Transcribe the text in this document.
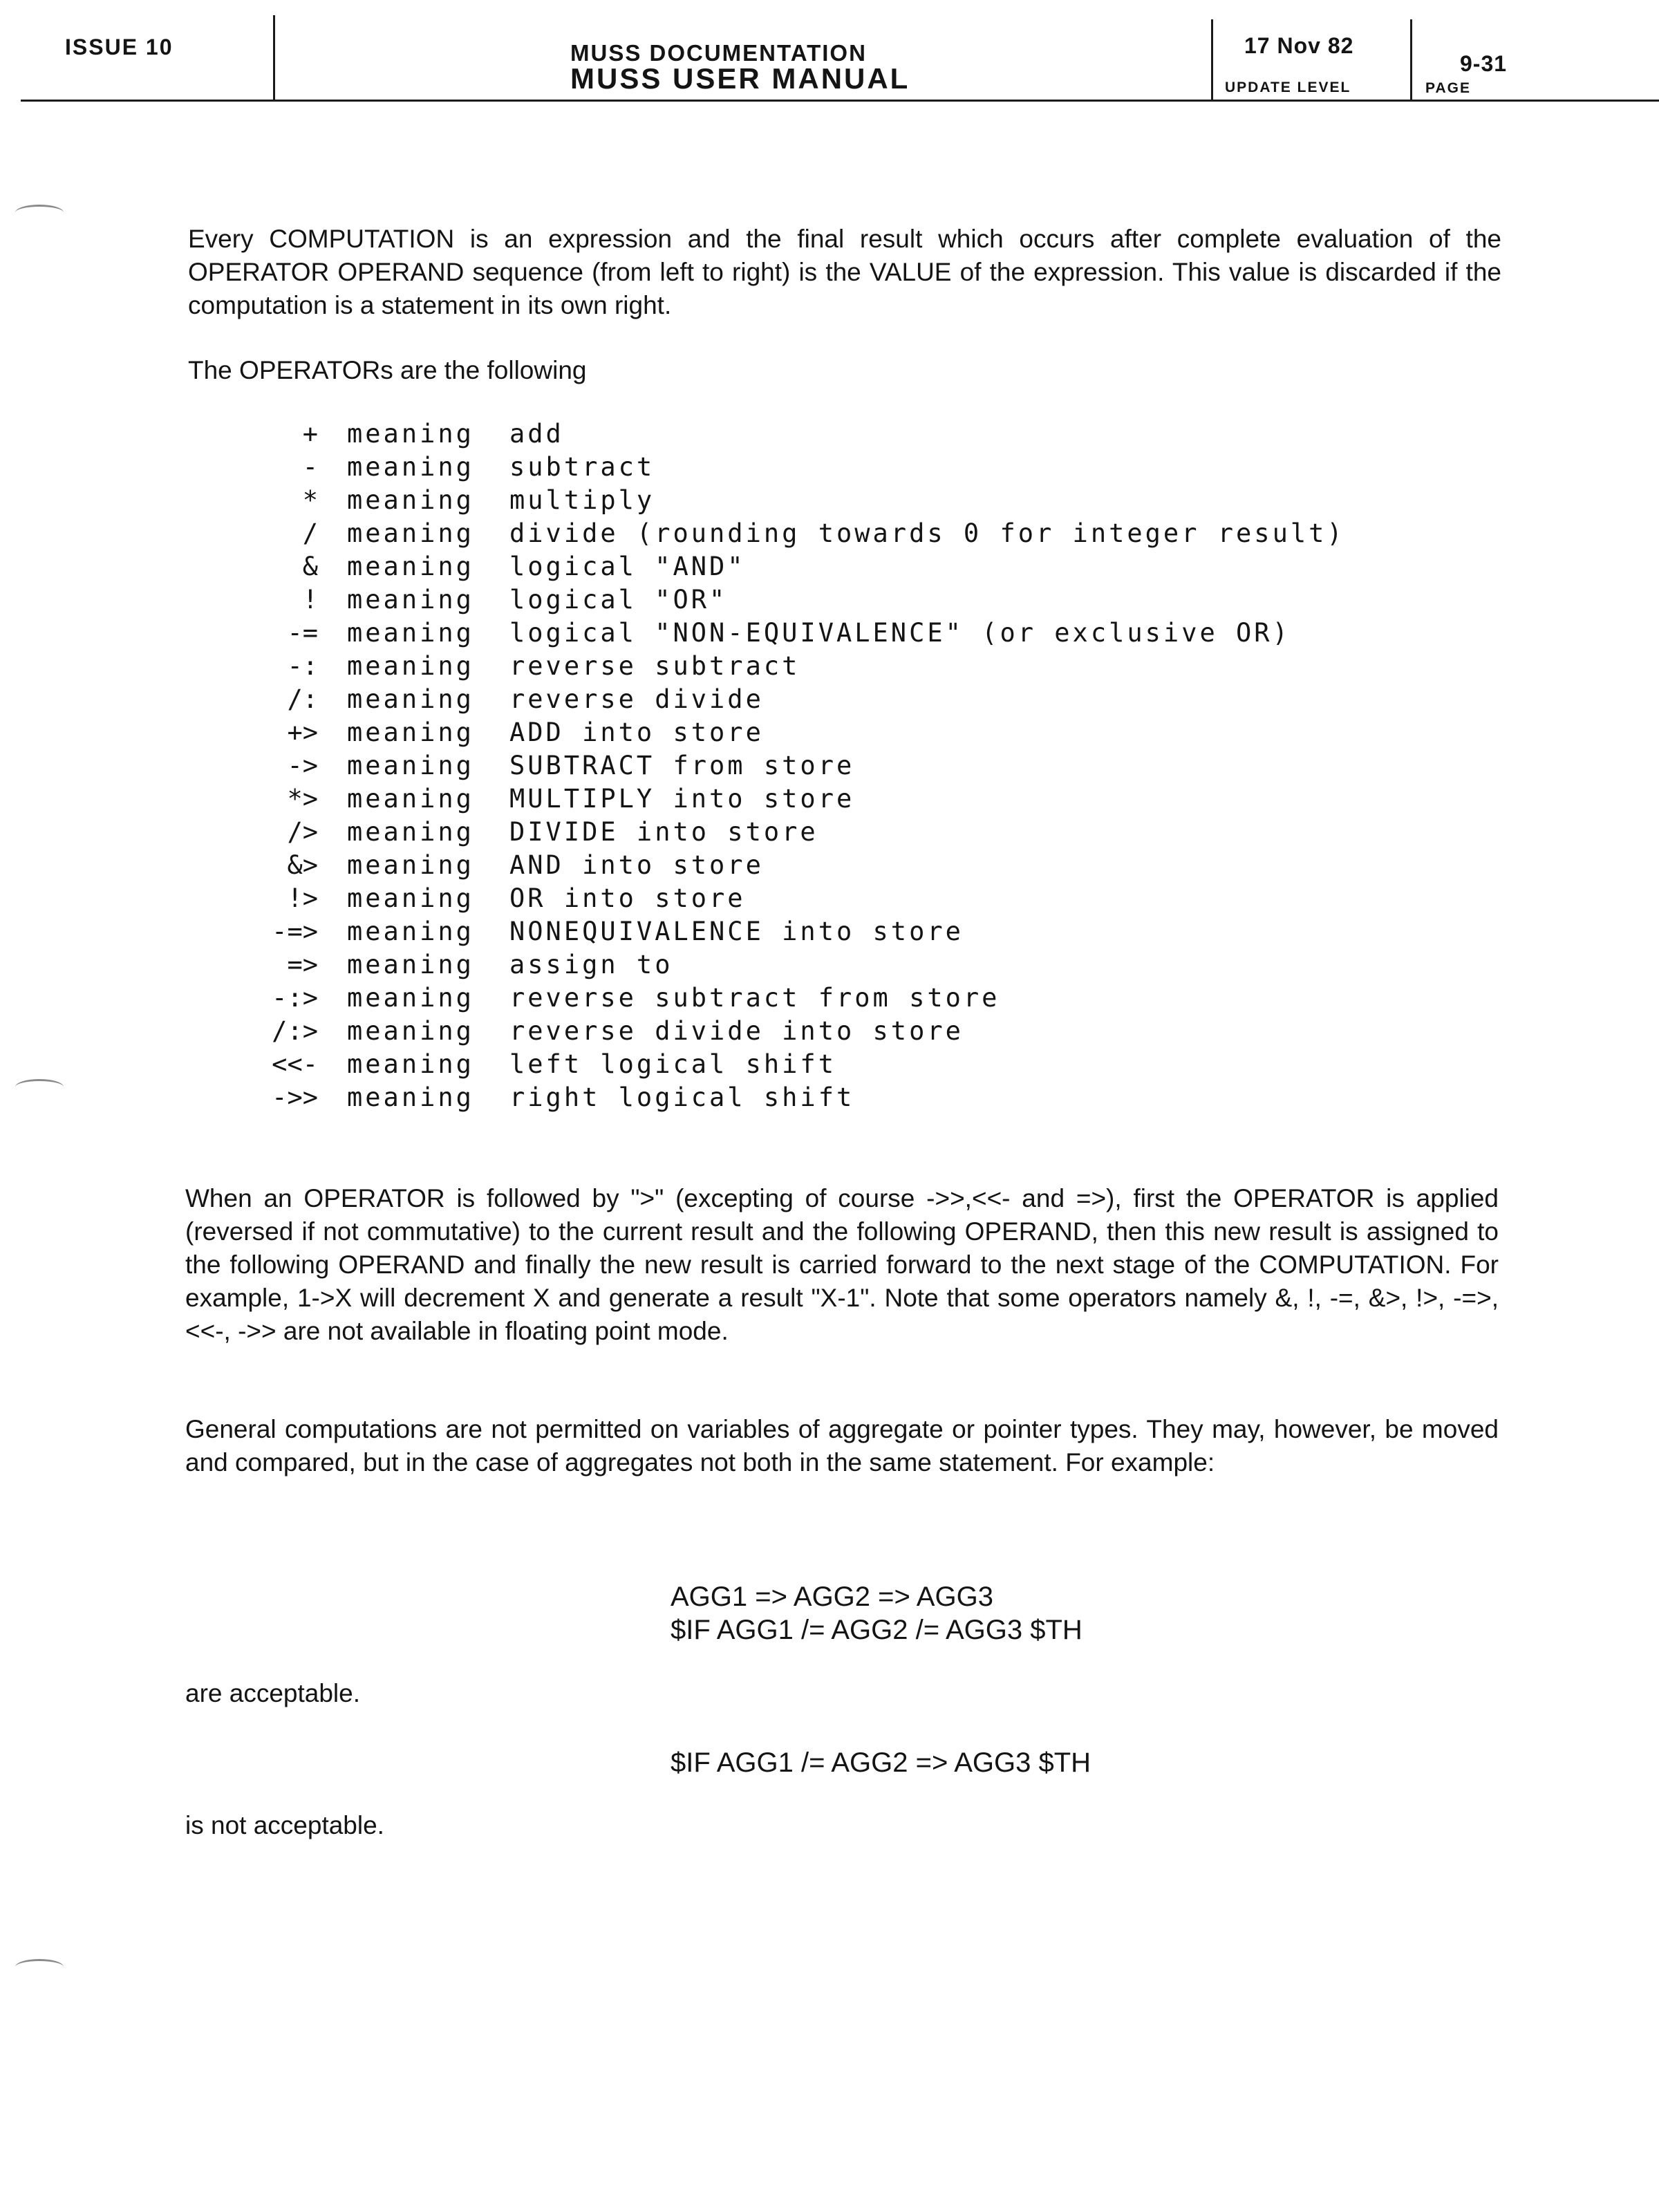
ISSUE 10	MUSS DOCUMENTATION
MUSS USER MANUAL
17 Nov 82
UPDATE LEVEL
9-31
PAGE
Every COMPUTATION is an expression and the final result which occurs after complete evaluation of the OPERATOR OPERAND sequence (from left to right) is the VALUE of the expression. This value is discarded if the computation is a statement in its own right.
The OPERATORs are the following
+ meaning add
- meaning subtract
* meaning multiply
/ meaning divide (rounding towards 0 for integer result)
& meaning logical "AND"
! meaning logical "OR"
-= meaning logical "NON-EQUIVALENCE" (or exclusive OR)
-: meaning reverse subtract
/: meaning reverse divide
+> meaning ADD into store
-> meaning SUBTRACT from store
*> meaning MULTIPLY into store
/> meaning DIVIDE into store
&> meaning AND into store
!> meaning OR into store
-=> meaning NONEQUIVALENCE into store
=> meaning assign to
-:> meaning reverse subtract from store
/:> meaning reverse divide into store
<<- meaning left logical shift
->> meaning right logical shift
When an OPERATOR is followed by ">" (excepting of course ->>,<<- and =>), first the OPERATOR is applied (reversed if not commutative) to the current result and the following OPERAND, then this new result is assigned to the following OPERAND and finally the new result is carried forward to the next stage of the COMPUTATION. For example, 1->X will decrement X and generate a result "X-1". Note that some operators namely &, !, -=, &>, !>, -=>, <<-, ->> are not available in floating point mode.
General computations are not permitted on variables of aggregate or pointer types. They may, however, be moved and compared, but in the case of aggregates not both in the same statement. For example:
AGG1 => AGG2 => AGG3
$IF AGG1 /= AGG2 /= AGG3 $TH
are acceptable.
$IF AGG1 /= AGG2 => AGG3 $TH
is not acceptable.
